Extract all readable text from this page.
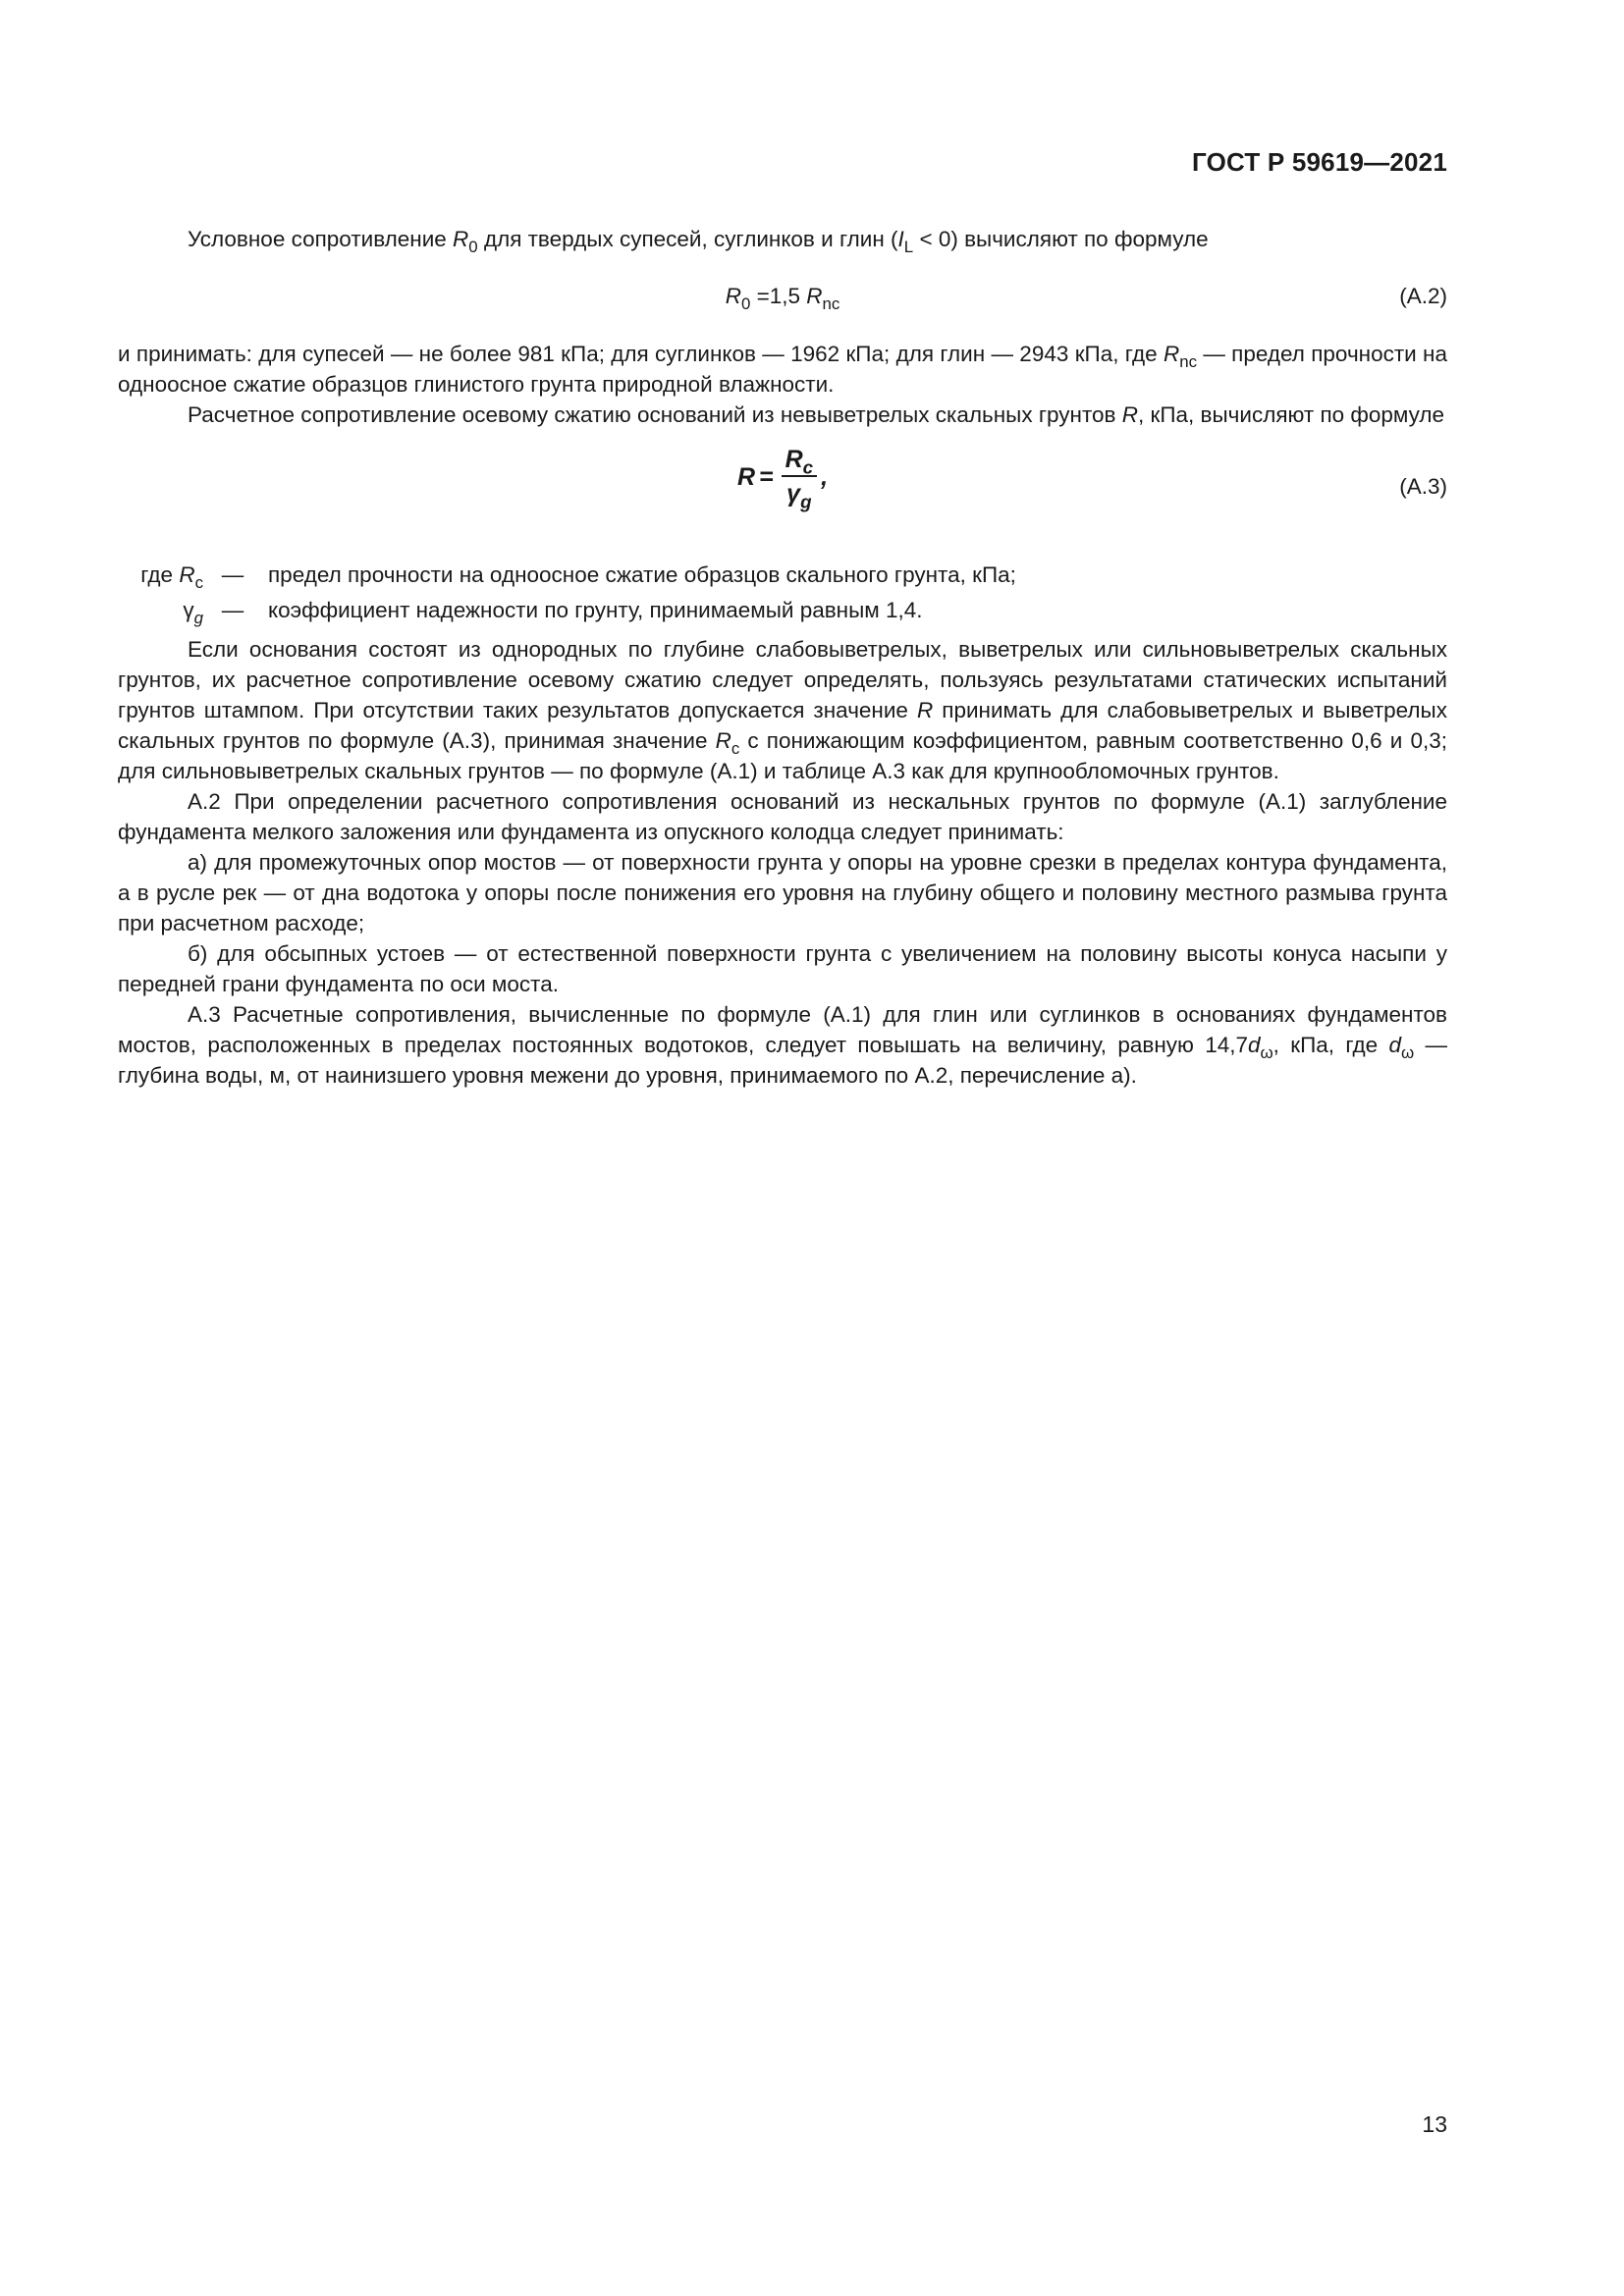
ГОСТ Р 59619—2021

Условное сопротивление $R_0$ для твердых супесей, суглинков и глин $(I_L < 0)$ вычисляют по формуле

$R_0 =1,5$ $R_{nc}$	(А.2)

и принимать: для супесей — не более 981 кПа; для суглинков — 1962 кПа; для глин — 2943 кПа, где $R_{nc}$ — предел прочности на одноосное сжатие образцов глинистого грунта природной влажности.

Расчетное сопротивление осевому сжатию оснований из невыветрелых скальных грунтов R, кПа, вычисляют по формуле

$R = \frac{R_c}{\gamma_g}$ ,	(А.3)
где $R_c$ —	предел прочности на одноосное сжатие образцов скального грунта, кПа;
$\gamma_g$ —	коэффициент надежности по грунту, принимаемый равным 1,4.

Если основания состоят из однородных по глубине слабовыветрелых, выветрелых или сильновыветрелых скальных грунтов, их расчетное сопротивление осевому сжатию следует определять, пользуясь результатами статических испытаний грунтов штампом. При отсутствии таких результатов допускается значение R принимать для слабовыветрелых и выветрелых скальных грунтов по формуле (А.3), принимая значение $R_c$ с понижающим коэффициентом, равным соответственно 0,6 и 0,3; для сильновыветрелых скальных грунтов — по формуле (А.1) и таблице А.3 как для крупнообломочных грунтов.

А.2 При определении расчетного сопротивления оснований из нескальных грунтов по формуле (А.1) заглубление фундамента мелкого заложения или фундамента из опускного колодца следует принимать:

а) для промежуточных опор мостов — от поверхности грунта у опоры на уровне срезки в пределах контура фундамента, а в русле рек — от дна водотока у опоры после понижения его уровня на глубину общего и половину местного размыва грунта при расчетном расходе;

б) для обсыпных устоев — от естественной поверхности грунта с увеличением на половину высоты конуса насыпи у передней грани фундамента по оси моста.

А.3 Расчетные сопротивления, вычисленные по формуле (А.1) для глин или суглинков в основаниях фундаментов мостов, расположенных в пределах постоянных водотоков, следует повышать на величину, равную $14,7d_\omega$, кПа, где $d_\omega$ — глубина воды, м, от наинизшего уровня межени до уровня, принимаемого по А.2, перечисление а).

13
